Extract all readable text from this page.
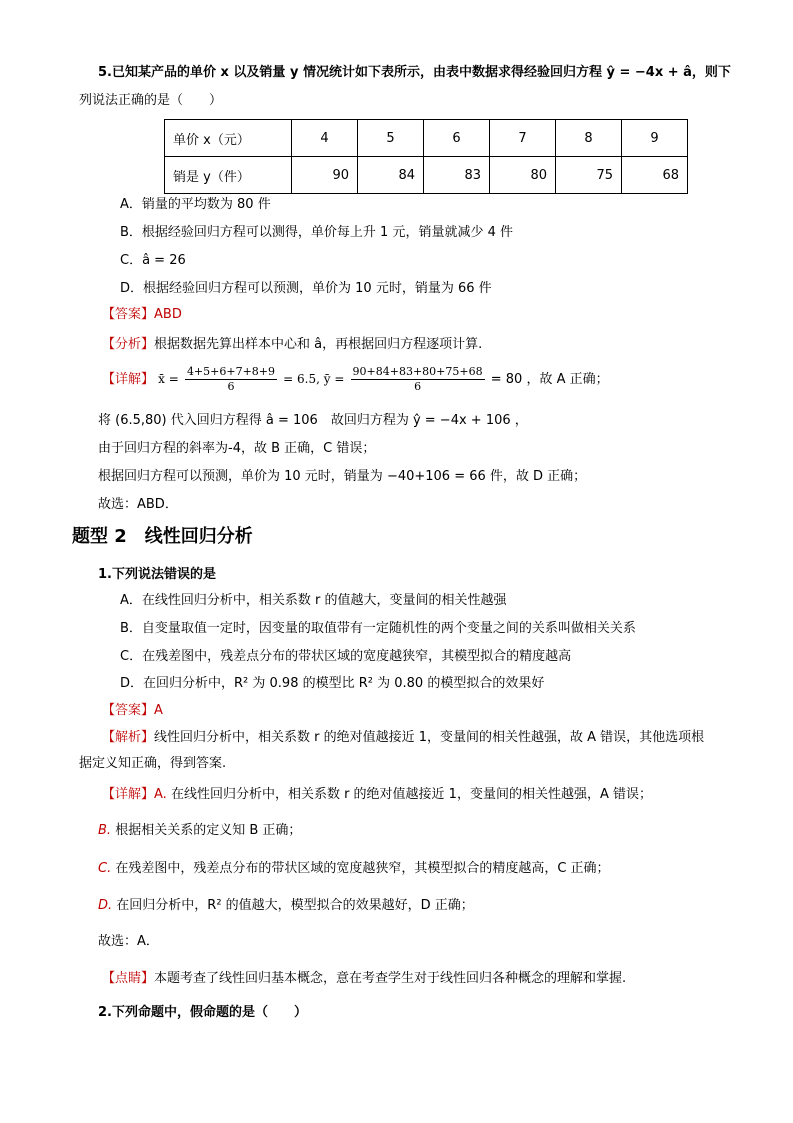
5.已知某产品的单价 x 以及销量 y 情况统计如下表所示，由表中数据求得经验回归方程 ŷ = −4x + â，则下
列说法正确的是（　　）
单价 x（元）	4	5	6	7	8	9
销是 y（件）	90	84	83	80	75	68
A．销量的平均数为 80 件
B．根据经验回归方程可以测得，单价每上升 1 元，销量就减少 4 件
C．â = 26
D．根据经验回归方程可以预测，单价为 10 元时，销量为 66 件
【答案】ABD
【分析】根据数据先算出样本中心和 â，再根据回归方程逐项计算.
【详解】 x̄ = $\frac{4+5+6+7+8+9}{6} = 6.5$, ȳ = $\frac{90+84+83+80+75+68}{6} = 80$ ，故 A 正确；
将 (6.5,80) 代入回归方程得 â = 106　故回归方程为 ŷ = −4x + 106 ，
由于回归方程的斜率为-4，故 B 正确，C 错误；
根据回归方程可以预测，单价为 10 元时，销量为 −40+106 = 66 件，故 D 正确；
故选：ABD．
题型 2　线性回归分析
1.下列说法错误的是
A．在线性回归分析中，相关系数 r 的值越大，变量间的相关性越强
B．自变量取值一定时，因变量的取值带有一定随机性的两个变量之间的关系叫做相关关系
C．在残差图中，残差点分布的带状区域的宽度越狭窄，其模型拟合的精度越高
D．在回归分析中，R² 为 0.98 的模型比 R² 为 0.80 的模型拟合的效果好
【答案】A
【解析】线性回归分析中，相关系数 r 的绝对值越接近 1，变量间的相关性越强，故 A 错误，其他选项根
据定义知正确，得到答案.
【详解】A. 在线性回归分析中，相关系数 r 的绝对值越接近 1，变量间的相关性越强，A 错误；
B. 根据相关关系的定义知 B 正确；
C. 在残差图中，残差点分布的带状区域的宽度越狭窄，其模型拟合的精度越高，C 正确；
D. 在回归分析中，R² 的值越大，模型拟合的效果越好，D 正确；
故选：A．
【点睛】本题考查了线性回归基本概念，意在考查学生对于线性回归各种概念的理解和掌握.
2.下列命题中，假命题的是（　　）
